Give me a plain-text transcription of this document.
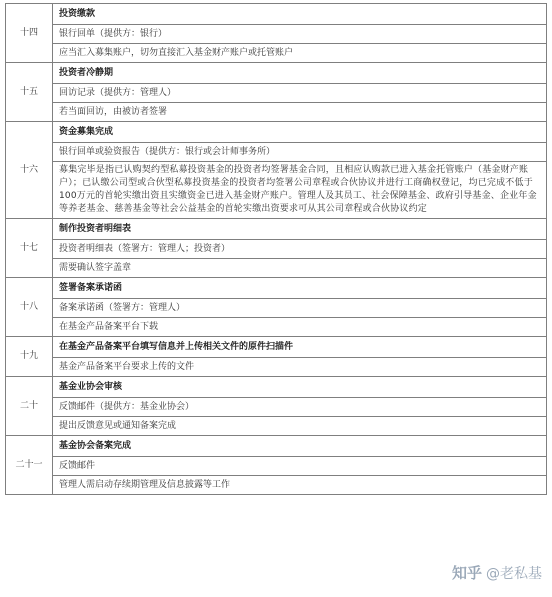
十四	投资缴款
	银行回单（提供方：银行）
	应当汇入募集账户，切勿直接汇入基金财产账户或托管账户
十五	投资者冷静期
	回访记录（提供方：管理人）
	若当面回访，由被访者签署
十六	资金募集完成
	银行回单或验资报告（提供方：银行或会计师事务所）
	募集完毕是指已认购契约型私募投资基金的投资者均签署基金合同，且相应认购款已进入基金托管账户（基金财产账户）；已认缴公司型或合伙型私募投资基金的投资者均签署公司章程或合伙协议并进行工商确权登记，均已完成不低于100万元的首轮实缴出资且实缴资金已进入基金财产账户。管理人及其员工、社会保障基金、政府引导基金、企业年金等养老基金、慈善基金等社会公益基金的首轮实缴出资要求可从其公司章程或合伙协议约定
十七	制作投资者明细表
	投资者明细表（签署方：管理人；投资者）
	需要确认签字盖章
十八	签署备案承诺函
	备案承诺函（签署方：管理人）
	在基金产品备案平台下载
十九	在基金产品备案平台填写信息并上传相关文件的原件扫描件
	基金产品备案平台要求上传的文件
二十	基金业协会审核
	反馈邮件（提供方：基金业协会）
	提出反馈意见或通知备案完成
二十一	基金协会备案完成
	反馈邮件
	管理人需启动存续期管理及信息披露等工作
知乎 @老私基
